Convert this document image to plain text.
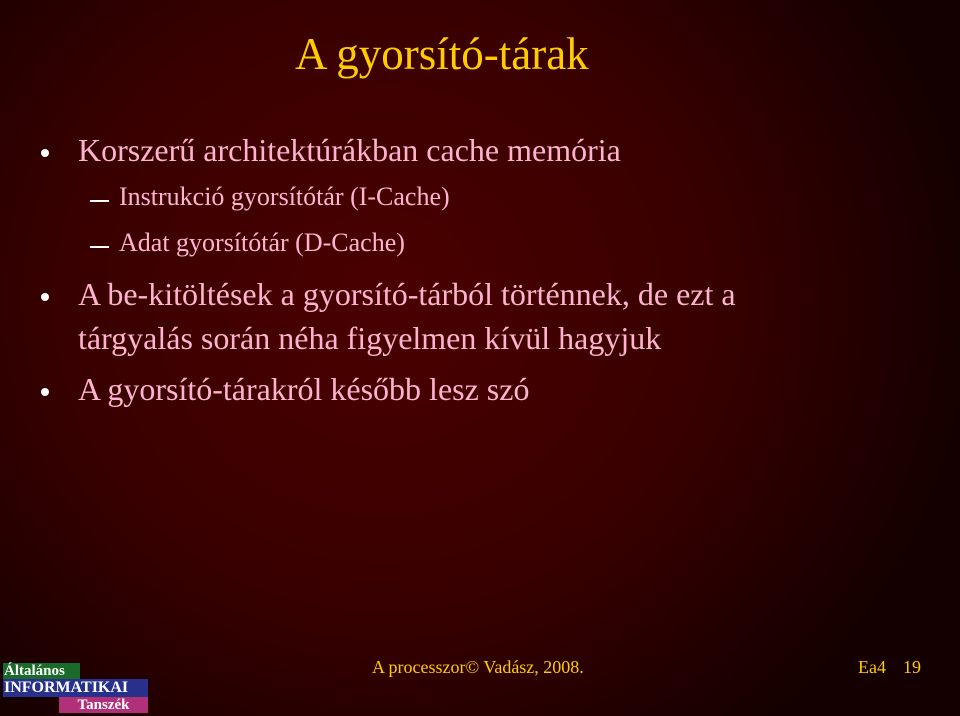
A gyorsító-tárak
Korszerű architektúrákban cache memória
Instrukció gyorsítótár (I-Cache)
Adat gyorsítótár (D-Cache)
A be-kitöltések a gyorsító-tárból történnek, de ezt a
tárgyalás során néha figyelmen kívül hagyjuk
A gyorsító-tárakról később lesz szó
Általános
INFORMATIKAI
Tanszék
A processzor© Vadász, 2008.	Ea4 19
